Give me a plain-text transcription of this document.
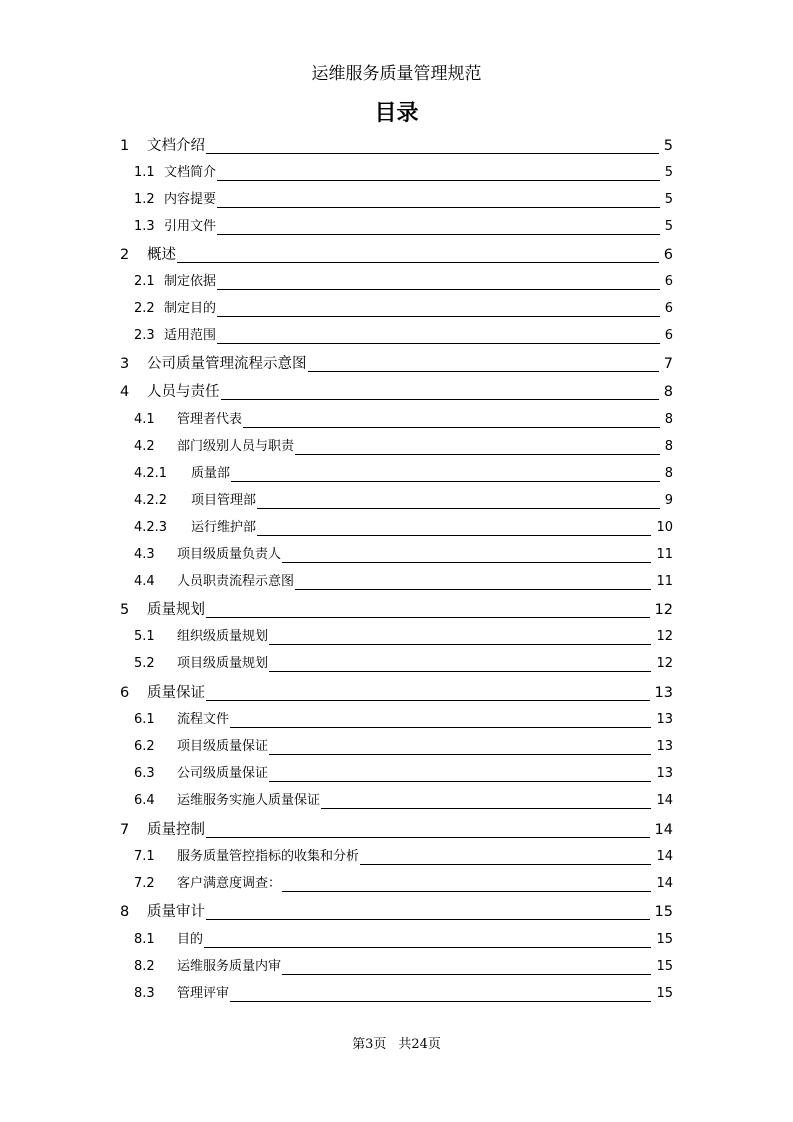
运维服务质量管理规范
目录
1 文档介绍	5
1.1 文档简介	5
1.2 内容提要	5
1.3 引用文件	5
2 概述	6
2.1 制定依据	6
2.2 制定目的	6
2.3 适用范围	6
3 公司质量管理流程示意图	7
4 人员与责任	8
4.1 管理者代表	8
4.2 部门级别人员与职责	8
4.2.1 质量部	8
4.2.2 项目管理部	9
4.2.3 运行维护部	10
4.3 项目级质量负责人	11
4.4 人员职责流程示意图	11
5 质量规划	12
5.1 组织级质量规划	12
5.2 项目级质量规划	12
6 质量保证	13
6.1 流程文件	13
6.2 项目级质量保证	13
6.3 公司级质量保证	13
6.4 运维服务实施人质量保证	14
7 质量控制	14
7.1 服务质量管控指标的收集和分析	14
7.2 客户满意度调查：	14
8 质量审计	15
8.1 目的	15
8.2 运维服务质量内审	15
8.3 管理评审	15
第3页 共24页
